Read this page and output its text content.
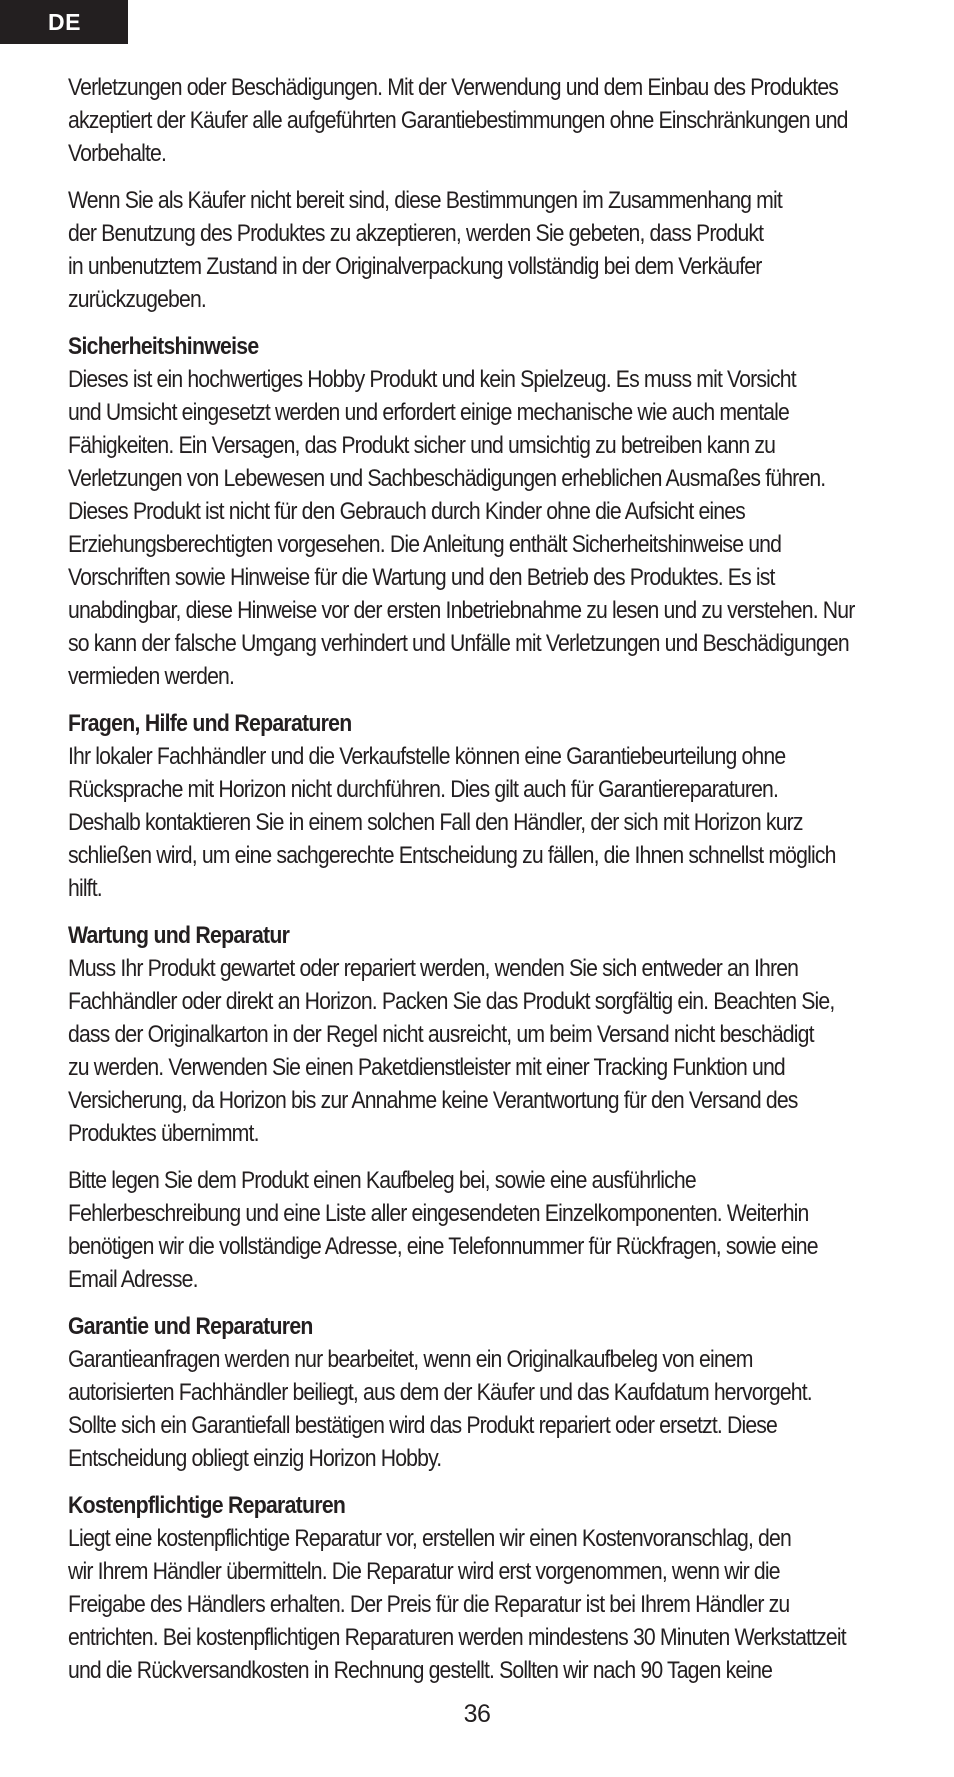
DE

Verletzungen oder Beschädigungen. Mit der Verwendung und dem Einbau des Produktes

akzeptiert der Käufer alle aufgeführten Garantiebestimmungen ohne Einschränkungen und

Vorbehalte.

Wenn Sie als Käufer nicht bereit sind, diese Bestimmungen im Zusammenhang mit

der Benutzung des Produktes zu akzeptieren, werden Sie gebeten, dass Produkt

in unbenutztem Zustand in der Originalverpackung vollständig bei dem Verkäufer

zurückzugeben.

Sicherheitshinweise

Dieses ist ein hochwertiges Hobby Produkt und kein Spielzeug. Es muss mit Vorsicht

und Umsicht eingesetzt werden und erfordert einige mechanische wie auch mentale

Fähigkeiten. Ein Versagen, das Produkt sicher und umsichtig zu betreiben kann zu

Verletzungen von Lebewesen und Sachbeschädigungen erheblichen Ausmaßes führen.

Dieses Produkt ist nicht für den Gebrauch durch Kinder ohne die Aufsicht eines

Erziehungsberechtigten vorgesehen. Die Anleitung enthält Sicherheitshinweise und

Vorschriften sowie Hinweise für die Wartung und den Betrieb des Produktes. Es ist

unabdingbar, diese Hinweise vor der ersten Inbetriebnahme zu lesen und zu verstehen. Nur

so kann der falsche Umgang verhindert und Unfälle mit Verletzungen und Beschädigungen

vermieden werden.

Fragen, Hilfe und Reparaturen

Ihr lokaler Fachhändler und die Verkaufstelle können eine Garantiebeurteilung ohne

Rücksprache mit Horizon nicht durchführen. Dies gilt auch für Garantiereparaturen.

Deshalb kontaktieren Sie in einem solchen Fall den Händler, der sich mit Horizon kurz

schließen wird, um eine sachgerechte Entscheidung zu fällen, die Ihnen schnellst möglich

hilft.

Wartung und Reparatur

Muss Ihr Produkt gewartet oder repariert werden, wenden Sie sich entweder an Ihren

Fachhändler oder direkt an Horizon. Packen Sie das Produkt sorgfältig ein. Beachten Sie,

dass der Originalkarton in der Regel nicht ausreicht, um beim Versand nicht beschädigt

zu werden. Verwenden Sie einen Paketdienstleister mit einer Tracking Funktion und

Versicherung, da Horizon bis zur Annahme keine Verantwortung für den Versand des

Produktes übernimmt.

Bitte legen Sie dem Produkt einen Kaufbeleg bei, sowie eine ausführliche

Fehlerbeschreibung und eine Liste aller eingesendeten Einzelkomponenten. Weiterhin

benötigen wir die vollständige Adresse, eine Telefonnummer für Rückfragen, sowie eine

Email Adresse.

Garantie und Reparaturen

Garantieanfragen werden nur bearbeitet, wenn ein Originalkaufbeleg von einem

autorisierten Fachhändler beiliegt, aus dem der Käufer und das Kaufdatum hervorgeht.

Sollte sich ein Garantiefall bestätigen wird das Produkt repariert oder ersetzt. Diese

Entscheidung obliegt einzig Horizon Hobby.

Kostenpflichtige Reparaturen

Liegt eine kostenpflichtige Reparatur vor, erstellen wir einen Kostenvoranschlag, den

wir Ihrem Händler übermitteln. Die Reparatur wird erst vorgenommen, wenn wir die

Freigabe des Händlers erhalten. Der Preis für die Reparatur ist bei Ihrem Händler zu

entrichten. Bei kostenpflichtigen Reparaturen werden mindestens 30 Minuten Werkstattzeit

und die Rückversandkosten in Rechnung gestellt. Sollten wir nach 90 Tagen keine

36
